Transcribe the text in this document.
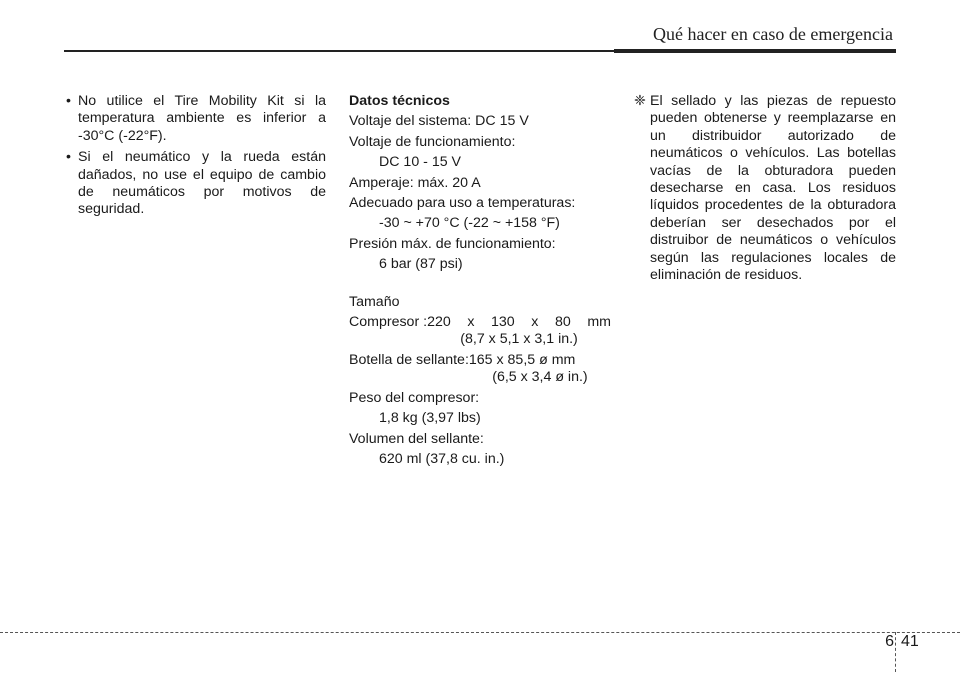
Qué hacer en caso de emergencia
• No utilice el Tire Mobility Kit si la temperatura ambiente es inferior a -30°C (-22°F).
• Si el neumático y la rueda están dañados, no use el equipo de cambio de neumáticos por motivos de seguridad.
Datos técnicos
Voltaje del sistema: DC 15 V
Voltaje de funcionamiento:
DC 10 - 15 V
Amperaje: máx. 20 A
Adecuado para uso a temperaturas:
-30 ~ +70 °C (-22 ~ +158 °F)
Presión máx. de funcionamiento:
6 bar (87 psi)
Tamaño
Compresor : 220 x 130 x 80 mm
(8,7 x 5,1 x 3,1 in.)
Botella de sellante: 165 x 85,5 ø mm
(6,5 x 3,4 ø in.)
Peso del compresor:
1,8 kg (3,97 lbs)
Volumen del sellante:
620 ml (37,8 cu. in.)
❈ El sellado y las piezas de repuesto pueden obtenerse y reemplazarse en un distribuidor autorizado de neumáticos o vehículos. Las botellas vacías de la obturadora pueden desecharse en casa. Los residuos líquidos procedentes de la obturadora deberían ser desechados por el distruibor de neumáticos o vehículos según las regulaciones locales de eliminación de residuos.
6 41
